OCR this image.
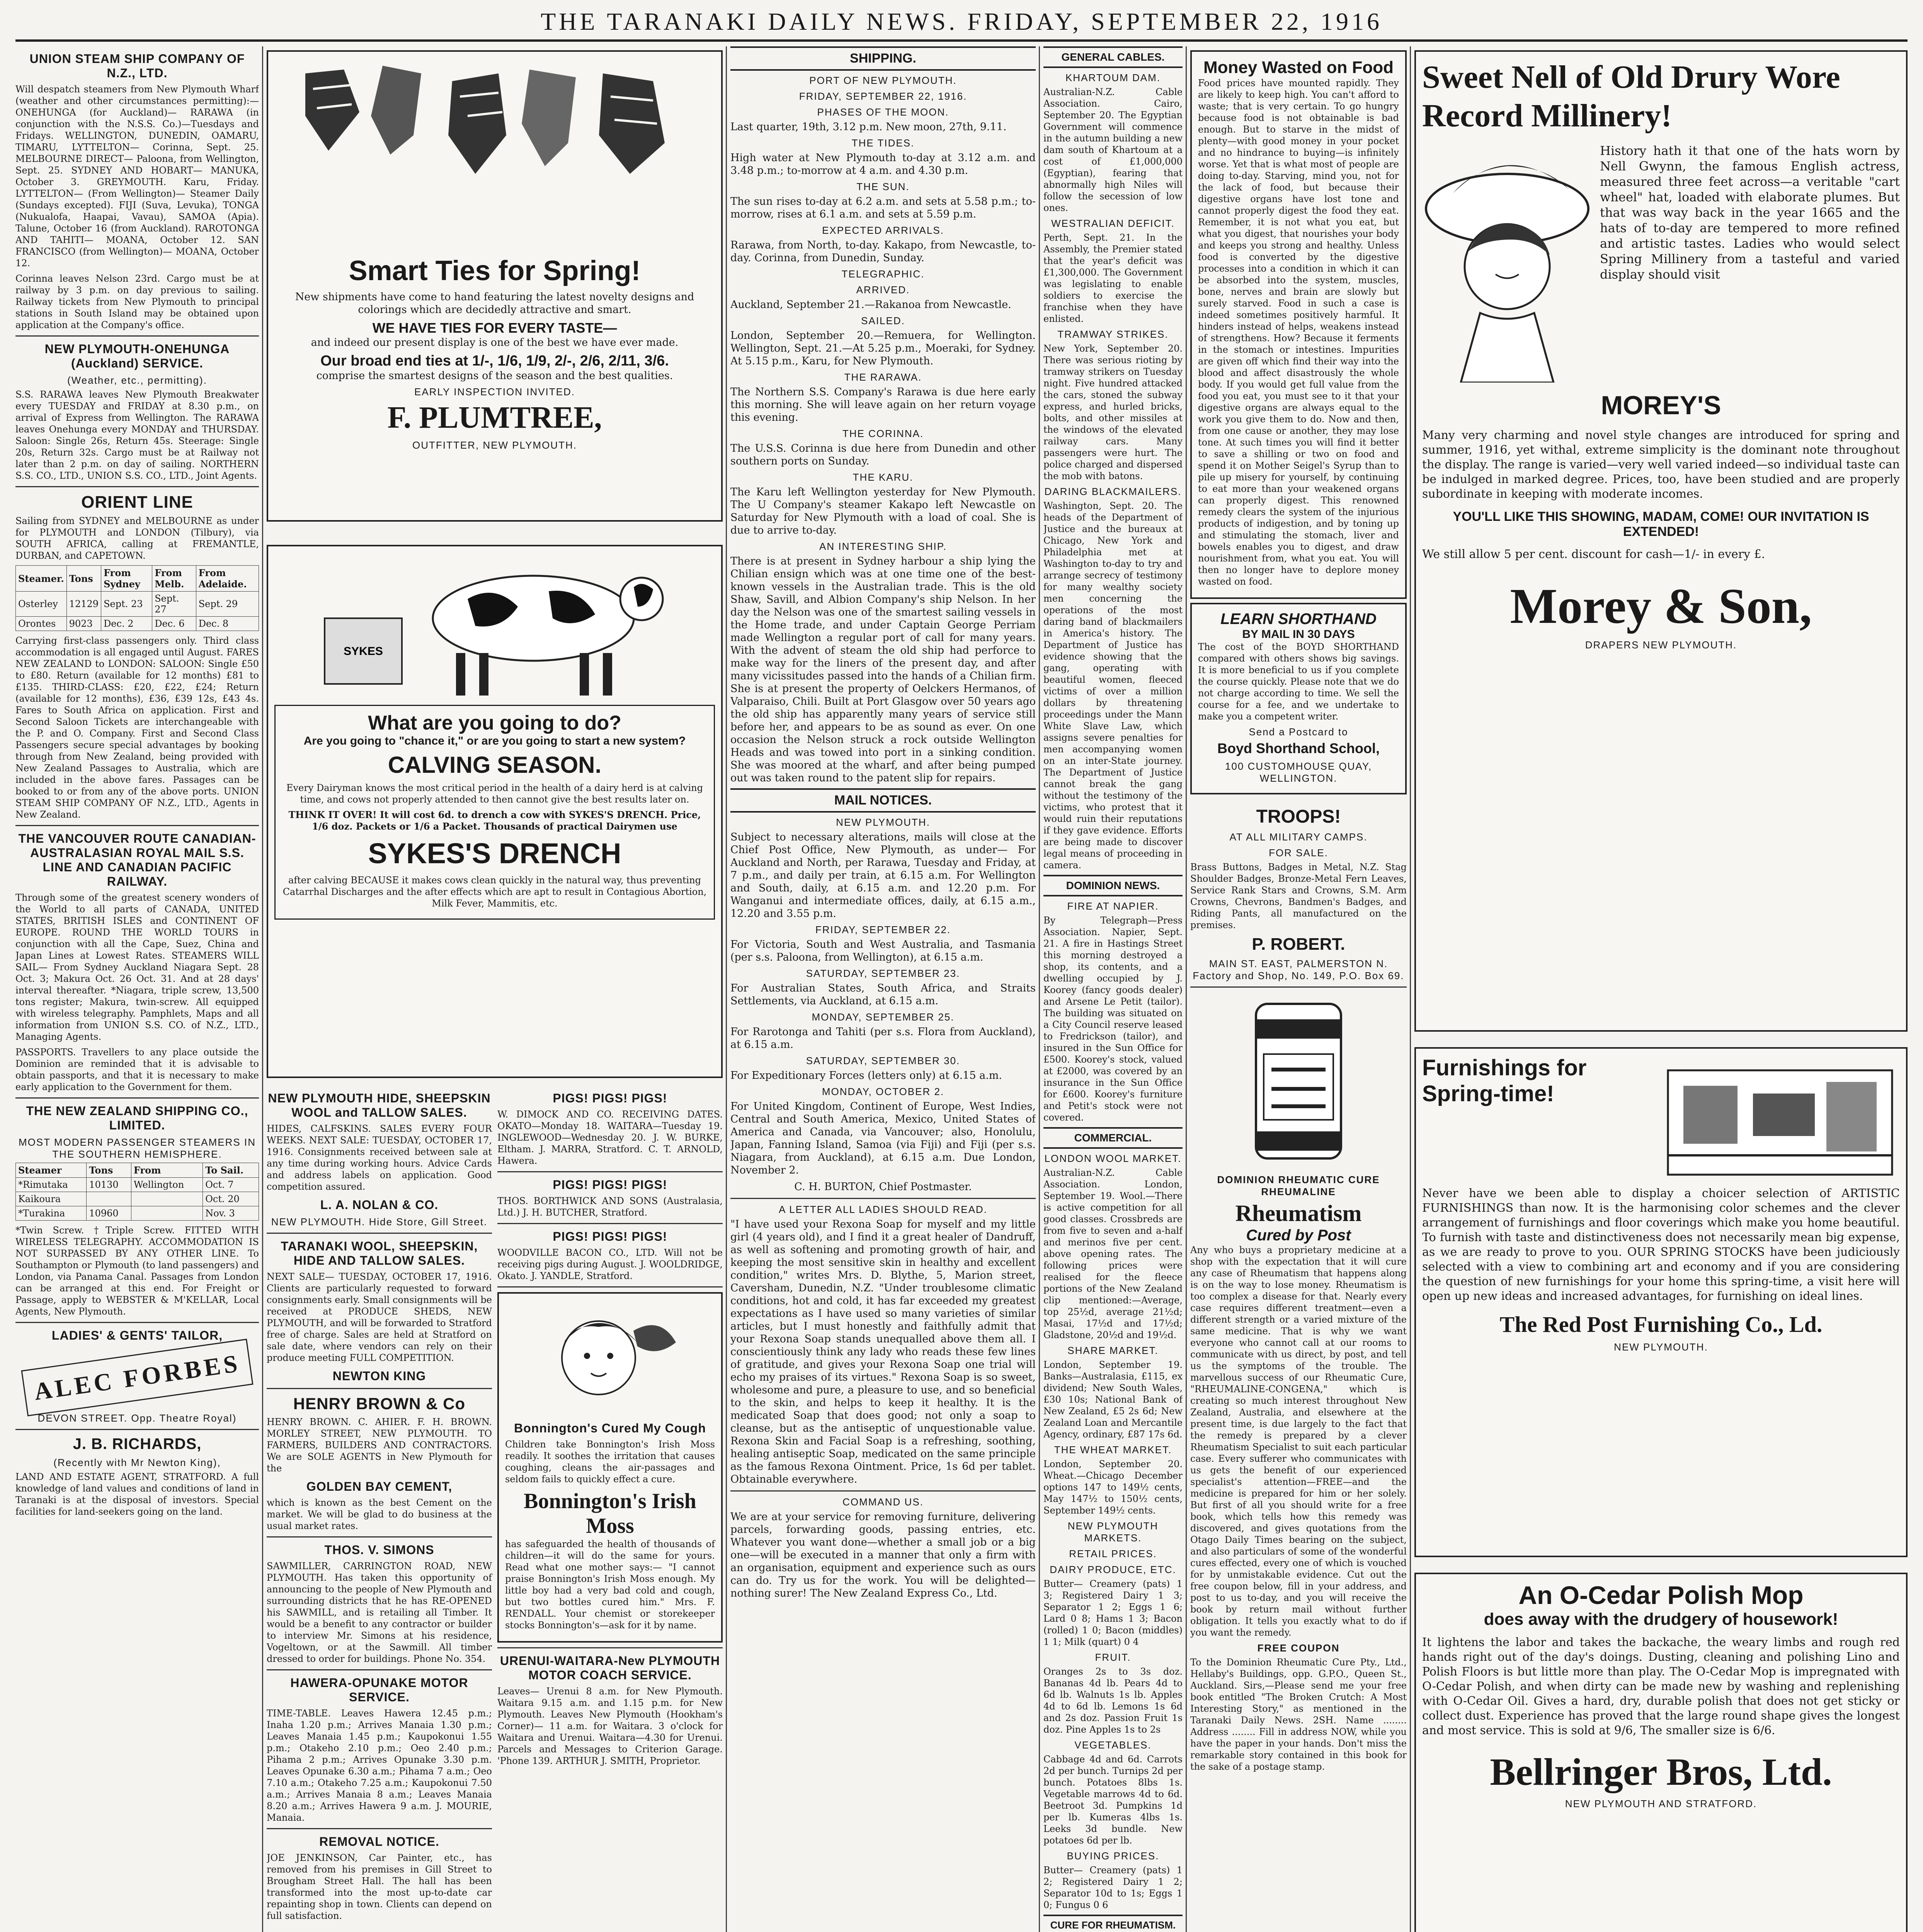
THE TARANAKI DAILY NEWS. FRIDAY, SEPTEMBER 22, 1916
UNION STEAM SHIP COMPANY OF N.Z., LTD.

Will despatch steamers from New Plymouth Wharf (weather and other circumstances permitting):— ONEHUNGA (for Auckland)— RARAWA (in conjunction with the N.S.S. Co.)—Tuesdays and Fridays. WELLINGTON, DUNEDIN, OAMARU, TIMARU, LYTTELTON— Corinna, Sept. 25. MELBOURNE DIRECT— Paloona, from Wellington, Sept. 25. SYDNEY AND HOBART— MANUKA, October 3. GREYMOUTH. Karu, Friday. LYTTELTON— (From Wellington)— Steamer Daily (Sundays excepted). FIJI (Suva, Levuka), TONGA (Nukualofa, Haapai, Vavau), SAMOA (Apia). Talune, October 16 (from Auckland). RAROTONGA AND TAHITI— MOANA, October 12. SAN FRANCISCO (from Wellington)— MOANA, October 12.

Corinna leaves Nelson 23rd. Cargo must be at railway by 3 p.m. on day previous to sailing. Railway tickets from New Plymouth to principal stations in South Island may be obtained upon application at the Company's office.

NEW PLYMOUTH-ONEHUNGA (Auckland) SERVICE.
(Weather, etc., permitting).

S.S. RARAWA leaves New Plymouth Breakwater every TUESDAY and FRIDAY at 8.30 p.m., on arrival of Express from Wellington. The RARAWA leaves Onehunga every MONDAY and THURSDAY. Saloon: Single 26s, Return 45s. Steerage: Single 20s, Return 32s. Cargo must be at Railway not later than 2 p.m. on day of sailing. NORTHERN S.S. CO., LTD., UNION S.S. CO., LTD., Joint Agents.

ORIENT LINE

Sailing from SYDNEY and MELBOURNE as under for PLYMOUTH and LONDON (Tilbury), via SOUTH AFRICA, calling at FREMANTLE, DURBAN, and CAPETOWN.

Steamer.	Tons	From Sydney	From Melb.	From Adelaide.
Osterley	12129	Sept. 23	Sept. 27	Sept. 29
Orontes	9023	Dec. 2	Dec. 6	Dec. 8

Carrying first-class passengers only. Third class accommodation is all engaged until August. FARES NEW ZEALAND to LONDON: SALOON: Single £50 to £80. Return (available for 12 months) £81 to £135. THIRD-CLASS: £20, £22, £24; Return (available for 12 months), £36, £39 12s, £43 4s. Fares to South Africa on application. First and Second Saloon Tickets are interchangeable with the P. and O. Company. First and Second Class Passengers secure special advantages by booking through from New Zealand, being provided with New Zealand Passages to Australia, which are included in the above fares. Passages can be booked to or from any of the above ports. UNION STEAM SHIP COMPANY OF N.Z., LTD., Agents in New Zealand.

THE VANCOUVER ROUTE CANADIAN-AUSTRALASIAN ROYAL MAIL S.S. LINE AND CANADIAN PACIFIC RAILWAY.

Through some of the greatest scenery wonders of the World to all parts of CANADA, UNITED STATES, BRITISH ISLES and CONTINENT OF EUROPE. ROUND THE WORLD TOURS in conjunction with all the Cape, Suez, China and Japan Lines at Lowest Rates. STEAMERS WILL SAIL— From Sydney Auckland Niagara Sept. 28 Oct. 3; Makura Oct. 26 Oct. 31. And at 28 days' interval thereafter. *Niagara, triple screw, 13,500 tons register; Makura, twin-screw. All equipped with wireless telegraphy. Pamphlets, Maps and all information from UNION S.S. CO. of N.Z., LTD., Managing Agents.

PASSPORTS. Travellers to any place outside the Dominion are reminded that it is advisable to obtain passports, and that it is necessary to make early application to the Government for them.

THE NEW ZEALAND SHIPPING CO., LIMITED.
MOST MODERN PASSENGER STEAMERS IN THE SOUTHERN HEMISPHERE.
Steamer	Tons	From	To Sail.
*Rimutaka	10130	Wellington	Oct. 7
Kaikoura			Oct. 20
*Turakina	10960		Nov. 3

*Twin Screw. †Triple Screw. FITTED WITH WIRELESS TELEGRAPHY. ACCOMMODATION IS NOT SURPASSED BY ANY OTHER LINE. To Southampton or Plymouth (to land passengers) and London, via Panama Canal. Passages from London can be arranged at this end. For Freight or Passage, apply to WEBSTER & M'KELLAR, Local Agents, New Plymouth.

LADIES' & GENTS' TAILOR,
ALEC FORBES
DEVON STREET. Opp. Theatre Royal)
J. B. RICHARDS,
(Recently with Mr Newton King),

LAND AND ESTATE AGENT, STRATFORD. A full knowledge of land values and conditions of land in Taranaki is at the disposal of investors. Special facilities for land-seekers going on the land.

Smart Ties for Spring!

New shipments have come to hand featuring the latest novelty designs and colorings which are decidedly attractive and smart.

WE HAVE TIES FOR EVERY TASTE—

and indeed our present display is one of the best we have ever made.

Our broad end ties at 1/-, 1/6, 1/9, 2/-, 2/6, 2/11, 3/6.

comprise the smartest designs of the season and the best qualities.

EARLY INSPECTION INVITED.
F. PLUMTREE,
OUTFITTER, NEW PLYMOUTH.
SYKES
What are you going to do?
Are you going to "chance it," or are you going to start a new system?
CALVING SEASON.

Every Dairyman knows the most critical period in the health of a dairy herd is at calving time, and cows not properly attended to then cannot give the best results later on.

THINK IT OVER! It will cost 6d. to drench a cow with SYKES'S DRENCH. Price, 1/6 doz. Packets or 1/6 a Packet. Thousands of practical Dairymen use

SYKES'S DRENCH

after calving BECAUSE it makes cows clean quickly in the natural way, thus preventing Catarrhal Discharges and the after effects which are apt to result in Contagious Abortion, Milk Fever, Mammitis, etc.

NEW PLYMOUTH HIDE, SHEEPSKIN WOOL and TALLOW SALES.

HIDES, CALFSKINS. SALES EVERY FOUR WEEKS. NEXT SALE: TUESDAY, OCTOBER 17, 1916. Consignments received between sale at any time during working hours. Advice Cards and address labels on application. Good competition assured.

L. A. NOLAN & CO.
NEW PLYMOUTH. Hide Store, Gill Street.
TARANAKI WOOL, SHEEPSKIN, HIDE AND TALLOW SALES.

NEXT SALE— TUESDAY, OCTOBER 17, 1916. Clients are particularly requested to forward consignments early. Small consignments will be received at PRODUCE SHEDS, NEW PLYMOUTH, and will be forwarded to Stratford free of charge. Sales are held at Stratford on sale date, where vendors can rely on their produce meeting FULL COMPETITION.

NEWTON KING
HENRY BROWN & Co

HENRY BROWN. C. AHIER. F. H. BROWN. MORLEY STREET, NEW PLYMOUTH. TO FARMERS, BUILDERS AND CONTRACTORS. We are SOLE AGENTS in New Plymouth for the

GOLDEN BAY CEMENT,

which is known as the best Cement on the market. We will be glad to do business at the usual market rates.

THOS. V. SIMONS

SAWMILLER, CARRINGTON ROAD, NEW PLYMOUTH. Has taken this opportunity of announcing to the people of New Plymouth and surrounding districts that he has RE-OPENED his SAWMILL, and is retailing all Timber. It would be a benefit to any contractor or builder to interview Mr. Simons at his residence, Vogeltown, or at the Sawmill. All timber dressed to order for buildings. Phone No. 354.

HAWERA-OPUNAKE MOTOR SERVICE.

TIME-TABLE. Leaves Hawera 12.45 p.m.; Inaha 1.20 p.m.; Arrives Manaia 1.30 p.m.; Leaves Manaia 1.45 p.m.; Kaupokonui 1.55 p.m.; Otakeho 2.10 p.m.; Oeo 2.40 p.m.; Pihama 2 p.m.; Arrives Opunake 3.30 p.m. Leaves Opunake 6.30 a.m.; Pihama 7 a.m.; Oeo 7.10 a.m.; Otakeho 7.25 a.m.; Kaupokonui 7.50 a.m.; Arrives Manaia 8 a.m.; Leaves Manaia 8.20 a.m.; Arrives Hawera 9 a.m. J. MOURIE, Manaia.

REMOVAL NOTICE.

JOE JENKINSON, Car Painter, etc., has removed from his premises in Gill Street to Brougham Street Hall. The hall has been transformed into the most up-to-date car repainting shop in town. Clients can depend on full satisfaction.

PIGS! PIGS! PIGS!

W. DIMOCK AND CO. RECEIVING DATES. OKATO—Monday 18. WAITARA—Tuesday 19. INGLEWOOD—Wednesday 20. J. W. BURKE, Eltham. J. MARRA, Stratford. C. T. ARNOLD, Hawera.

PIGS! PIGS! PIGS!

THOS. BORTHWICK AND SONS (Australasia, Ltd.) J. H. BUTCHER, Stratford.

PIGS! PIGS! PIGS!

WOODVILLE BACON CO., LTD. Will not be receiving pigs during August. J. WOOLDRIDGE, Okato. J. YANDLE, Stratford.

Bonnington's Cured My Cough

Children take Bonnington's Irish Moss readily. It soothes the irritation that causes coughing, cleans the air-passages and seldom fails to quickly effect a cure.

Bonnington's Irish Moss

has safeguarded the health of thousands of children—it will do the same for yours. Read what one mother says:— "I cannot praise Bonnington's Irish Moss enough. My little boy had a very bad cold and cough, but two bottles cured him." Mrs. F. RENDALL. Your chemist or storekeeper stocks Bonnington's—ask for it by name.

URENUI-WAITARA-New PLYMOUTH MOTOR COACH SERVICE.

Leaves— Urenui 8 a.m. for New Plymouth. Waitara 9.15 a.m. and 1.15 p.m. for New Plymouth. Leaves New Plymouth (Hookham's Corner)— 11 a.m. for Waitara. 3 o'clock for Waitara and Urenui. Waitara—4.30 for Urenui. Parcels and Messages to Criterion Garage. 'Phone 139. ARTHUR J. SMITH, Proprietor.

SHIPPING.
PORT OF NEW PLYMOUTH.
FRIDAY, SEPTEMBER 22, 1916.
PHASES OF THE MOON.

Last quarter, 19th, 3.12 p.m. New moon, 27th, 9.11.

THE TIDES.

High water at New Plymouth to-day at 3.12 a.m. and 3.48 p.m.; to-morrow at 4 a.m. and 4.30 p.m.

THE SUN.

The sun rises to-day at 6.2 a.m. and sets at 5.58 p.m.; to-morrow, rises at 6.1 a.m. and sets at 5.59 p.m.

EXPECTED ARRIVALS.

Rarawa, from North, to-day. Kakapo, from Newcastle, to-day. Corinna, from Dunedin, Sunday.

TELEGRAPHIC.
ARRIVED.

Auckland, September 21.—Rakanoa from Newcastle.

SAILED.

London, September 20.—Remuera, for Wellington. Wellington, Sept. 21.—At 5.25 p.m., Moeraki, for Sydney. At 5.15 p.m., Karu, for New Plymouth.

THE RARAWA.

The Northern S.S. Company's Rarawa is due here early this morning. She will leave again on her return voyage this evening.

THE CORINNA.

The U.S.S. Corinna is due here from Dunedin and other southern ports on Sunday.

THE KARU.

The Karu left Wellington yesterday for New Plymouth. The U Company's steamer Kakapo left Newcastle on Saturday for New Plymouth with a load of coal. She is due to arrive to-day.

AN INTERESTING SHIP.

There is at present in Sydney harbour a ship lying the Chilian ensign which was at one time one of the best-known vessels in the Australian trade. This is the old Shaw, Savill, and Albion Company's ship Nelson. In her day the Nelson was one of the smartest sailing vessels in the Home trade, and under Captain George Perriam made Wellington a regular port of call for many years. With the advent of steam the old ship had perforce to make way for the liners of the present day, and after many vicissitudes passed into the hands of a Chilian firm. She is at present the property of Oelckers Hermanos, of Valparaiso, Chili. Built at Port Glasgow over 50 years ago the old ship has apparently many years of service still before her, and appears to be as sound as ever. On one occasion the Nelson struck a rock outside Wellington Heads and was towed into port in a sinking condition. She was moored at the wharf, and after being pumped out was taken round to the patent slip for repairs.

MAIL NOTICES.
NEW PLYMOUTH.

Subject to necessary alterations, mails will close at the Chief Post Office, New Plymouth, as under— For Auckland and North, per Rarawa, Tuesday and Friday, at 7 p.m., and daily per train, at 6.15 a.m. For Wellington and South, daily, at 6.15 a.m. and 12.20 p.m. For Wanganui and intermediate offices, daily, at 6.15 a.m., 12.20 and 3.55 p.m.

FRIDAY, SEPTEMBER 22.

For Victoria, South and West Australia, and Tasmania (per s.s. Paloona, from Wellington), at 6.15 a.m.

SATURDAY, SEPTEMBER 23.

For Australian States, South Africa, and Straits Settlements, via Auckland, at 6.15 a.m.

MONDAY, SEPTEMBER 25.

For Rarotonga and Tahiti (per s.s. Flora from Auckland), at 6.15 a.m.

SATURDAY, SEPTEMBER 30.

For Expeditionary Forces (letters only) at 6.15 a.m.

MONDAY, OCTOBER 2.

For United Kingdom, Continent of Europe, West Indies, Central and South America, Mexico, United States of America and Canada, via Vancouver; also, Honolulu, Japan, Fanning Island, Samoa (via Fiji) and Fiji (per s.s. Niagara, from Auckland), at 6.15 a.m. Due London, November 2.

C. H. BURTON, Chief Postmaster.

A LETTER ALL LADIES SHOULD READ.

"I have used your Rexona Soap for myself and my little girl (4 years old), and I find it a great healer of Dandruff, as well as softening and promoting growth of hair, and keeping the most sensitive skin in healthy and excellent condition," writes Mrs. D. Blythe, 5, Marion street, Caversham, Dunedin, N.Z. "Under troublesome climatic conditions, hot and cold, it has far exceeded my greatest expectations as I have used so many varieties of similar articles, but I must honestly and faithfully admit that your Rexona Soap stands unequalled above them all. I conscientiously think any lady who reads these few lines of gratitude, and gives your Rexona Soap one trial will echo my praises of its virtues." Rexona Soap is so sweet, wholesome and pure, a pleasure to use, and so beneficial to the skin, and helps to keep it healthy. It is the medicated Soap that does good; not only a soap to cleanse, but as the antiseptic of unquestionable value. Rexona Skin and Facial Soap is a refreshing, soothing, healing antiseptic Soap, medicated on the same principle as the famous Rexona Ointment. Price, 1s 6d per tablet. Obtainable everywhere.

COMMAND US.

We are at your service for removing furniture, delivering parcels, forwarding goods, passing entries, etc. Whatever you want done—whether a small job or a big one—will be executed in a manner that only a firm with an organisation, equipment and experience such as ours can do. Try us for the work. You will be delighted—nothing surer! The New Zealand Express Co., Ltd.

GENERAL CABLES.
KHARTOUM DAM.

Australian-N.Z. Cable Association. Cairo, September 20. The Egyptian Government will commence in the autumn building a new dam south of Khartoum at a cost of £1,000,000 (Egyptian), fearing that abnormally high Niles will follow the secession of low ones.

WESTRALIAN DEFICIT.

Perth, Sept. 21. In the Assembly, the Premier stated that the year's deficit was £1,300,000. The Government was legislating to enable soldiers to exercise the franchise when they have enlisted.

TRAMWAY STRIKES.

New York, September 20. There was serious rioting by tramway strikers on Tuesday night. Five hundred attacked the cars, stoned the subway express, and hurled bricks, bolts, and other missiles at the windows of the elevated railway cars. Many passengers were hurt. The police charged and dispersed the mob with batons.

DARING BLACKMAILERS.

Washington, Sept. 20. The heads of the Department of Justice and the bureaux at Chicago, New York and Philadelphia met at Washington to-day to try and arrange secrecy of testimony for many wealthy society men concerning the operations of the most daring band of blackmailers in America's history. The Department of Justice has evidence showing that the gang, operating with beautiful women, fleeced victims of over a million dollars by threatening proceedings under the Mann White Slave Law, which assigns severe penalties for men accompanying women on an inter-State journey. The Department of Justice cannot break the gang without the testimony of the victims, who protest that it would ruin their reputations if they gave evidence. Efforts are being made to discover legal means of proceeding in camera.

DOMINION NEWS.
FIRE AT NAPIER.

By Telegraph—Press Association. Napier, Sept. 21. A fire in Hastings Street this morning destroyed a shop, its contents, and a dwelling occupied by J. Koorey (fancy goods dealer) and Arsene Le Petit (tailor). The building was situated on a City Council reserve leased to Fredrickson (tailor), and insured in the Sun Office for £500. Koorey's stock, valued at £2000, was covered by an insurance in the Sun Office for £600. Koorey's furniture and Petit's stock were not covered.

COMMERCIAL.
LONDON WOOL MARKET.

Australian-N.Z. Cable Association. London, September 19. Wool.—There is active competition for all good classes. Crossbreds are from five to seven and a-half and merinos five per cent. above opening rates. The following prices were realised for the fleece portions of the New Zealand clip mentioned:—Average, top 25½d, average 21½d; Masai, 17½d and 17½d; Gladstone, 20½d and 19½d.

SHARE MARKET.

London, September 19. Banks—Australasia, £115, ex dividend; New South Wales, £30 10s; National Bank of New Zealand, £5 2s 6d; New Zealand Loan and Mercantile Agency, ordinary, £87 17s 6d.

THE WHEAT MARKET.

London, September 20. Wheat.—Chicago December options 147 to 149½ cents, May 147½ to 150½ cents, September 149½ cents.

NEW PLYMOUTH MARKETS.
RETAIL PRICES.
DAIRY PRODUCE, ETC.

Butter— Creamery (pats) 1 3; Registered Dairy 1 3; Separator 1 2; Eggs 1 6; Lard 0 8; Hams 1 3; Bacon (rolled) 1 0; Bacon (middles) 1 1; Milk (quart) 0 4

FRUIT.

Oranges 2s to 3s doz. Bananas 4d lb. Pears 4d to 6d lb. Walnuts 1s lb. Apples 4d to 6d lb. Lemons 1s 6d and 2s doz. Passion Fruit 1s doz. Pine Apples 1s to 2s

VEGETABLES.

Cabbage 4d and 6d. Carrots 2d per bunch. Turnips 2d per bunch. Potatoes 8lbs 1s. Vegetable marrows 4d to 6d. Beetroot 3d. Pumpkins 1d per lb. Kumeras 4lbs 1s. Leeks 3d bundle. New potatoes 6d per lb.

BUYING PRICES.

Butter— Creamery (pats) 1 2; Registered Dairy 1 2; Separator 10d to 1s; Eggs 1 0; Fungus 0 6

CURE FOR RHEUMATISM.

Money Wasted on Food

Food prices have mounted rapidly. They are likely to keep high. You can't afford to waste; that is very certain. To go hungry because food is not obtainable is bad enough. But to starve in the midst of plenty—with good money in your pocket and no hindrance to buying—is infinitely worse. Yet that is what most of people are doing to-day. Starving, mind you, not for the lack of food, but because their digestive organs have lost tone and cannot properly digest the food they eat. Remember, it is not what you eat, but what you digest, that nourishes your body and keeps you strong and healthy. Unless food is converted by the digestive processes into a condition in which it can be absorbed into the system, muscles, bone, nerves and brain are slowly but surely starved. Food in such a case is indeed sometimes positively harmful. It hinders instead of helps, weakens instead of strengthens. How? Because it ferments in the stomach or intestines. Impurities are given off which find their way into the blood and affect disastrously the whole body. If you would get full value from the food you eat, you must see to it that your digestive organs are always equal to the work you give them to do. Now and then, from one cause or another, they may lose tone. At such times you will find it better to save a shilling or two on food and spend it on Mother Seigel's Syrup than to pile up misery for yourself, by continuing to eat more than your weakened organs can properly digest. This renowned remedy clears the system of the injurious products of indigestion, and by toning up and stimulating the stomach, liver and bowels enables you to digest, and draw nourishment from, what you eat. You will then no longer have to deplore money wasted on food.

LEARN SHORTHAND
BY MAIL IN 30 DAYS

The cost of the BOYD SHORTHAND compared with others shows big savings. It is more beneficial to us if you complete the course quickly. Please note that we do not charge according to time. We sell the course for a fee, and we undertake to make you a competent writer.

Send a Postcard to
Boyd Shorthand School,
100 CUSTOMHOUSE QUAY, WELLINGTON.
TROOPS!
AT ALL MILITARY CAMPS.
FOR SALE.

Brass Buttons, Badges in Metal, N.Z. Stag Shoulder Badges, Bronze-Metal Fern Leaves, Service Rank Stars and Crowns, S.M. Arm Crowns, Chevrons, Bandmen's Badges, and Riding Pants, all manufactured on the premises.

P. ROBERT.
MAIN ST. EAST, PALMERSTON N. Factory and Shop, No. 149, P.O. Box 69.
DOMINION RHEUMATIC CURE RHEUMALINE
Rheumatism
Cured by Post

Any who buys a proprietary medicine at a shop with the expectation that it will cure any case of Rheumatism that happens along is on the way to lose money. Rheumatism is too complex a disease for that. Nearly every case requires different treatment—even a different strength or a varied mixture of the same medicine. That is why we want everyone who cannot call at our rooms to communicate with us direct, by post, and tell us the symptoms of the trouble. The marvellous success of our Rheumatic Cure, "RHEUMALINE-CONGENA," which is creating so much interest throughout New Zealand, Australia, and elsewhere at the present time, is due largely to the fact that the remedy is prepared by a clever Rheumatism Specialist to suit each particular case. Every sufferer who communicates with us gets the benefit of our experienced specialist's attention—FREE—and the medicine is prepared for him or her solely. But first of all you should write for a free book, which tells how this remedy was discovered, and gives quotations from the Otago Daily Times bearing on the subject, and also particulars of some of the wonderful cures effected, every one of which is vouched for by unmistakable evidence. Cut out the free coupon below, fill in your address, and post to us to-day, and you will receive the book by return mail without further obligation. It tells you exactly what to do if you want the remedy.

FREE COUPON

To the Dominion Rheumatic Cure Pty., Ltd., Hellaby's Buildings, opp. G.P.O., Queen St., Auckland. Sirs,—Please send me your free book entitled "The Broken Crutch: A Most Interesting Story," as mentioned in the Taranaki Daily News. 2SH. Name ........ Address ........ Fill in address NOW, while you have the paper in your hands. Don't miss the remarkable story contained in this book for the sake of a postage stamp.

Sweet Nell of Old Drury Wore Record Millinery!

History hath it that one of the hats worn by Nell Gwynn, the famous English actress, measured three feet across—a veritable "cart wheel" hat, loaded with elaborate plumes. But that was way back in the year 1665 and the hats of to-day are tempered to more refined and artistic tastes. Ladies who would select Spring Millinery from a tasteful and varied display should visit

MOREY'S

Many very charming and novel style changes are introduced for spring and summer, 1916, yet withal, extreme simplicity is the dominant note throughout the display. The range is varied—very well varied indeed—so individual taste can be indulged in marked degree. Prices, too, have been studied and are properly subordinate in keeping with moderate incomes.

YOU'LL LIKE THIS SHOWING, MADAM, COME! OUR INVITATION IS EXTENDED!

We still allow 5 per cent. discount for cash—1/- in every £.

Morey & Son,
DRAPERS NEW PLYMOUTH.
Furnishings for Spring-time!

Never have we been able to display a choicer selection of ARTISTIC FURNISHINGS than now. It is the harmonising color schemes and the clever arrangement of furnishings and floor coverings which make you home beautiful. To furnish with taste and distinctiveness does not necessarily mean big expense, as we are ready to prove to you. OUR SPRING STOCKS have been judiciously selected with a view to combining art and economy and if you are considering the question of new furnishings for your home this spring-time, a visit here will open up new ideas and increased advantages, for furnishing on ideal lines.

The Red Post Furnishing Co., Ld.
NEW PLYMOUTH.
An O-Cedar Polish Mop
does away with the drudgery of housework!

It lightens the labor and takes the backache, the weary limbs and rough red hands right out of the day's doings. Dusting, cleaning and polishing Lino and Polish Floors is but little more than play. The O-Cedar Mop is impregnated with O-Cedar Polish, and when dirty can be made new by washing and replenishing with O-Cedar Oil. Gives a hard, dry, durable polish that does not get sticky or collect dust. Experience has proved that the large round shape gives the longest and most service. This is sold at 9/6, The smaller size is 6/6.

Bellringer Bros, Ltd.
NEW PLYMOUTH AND STRATFORD.
